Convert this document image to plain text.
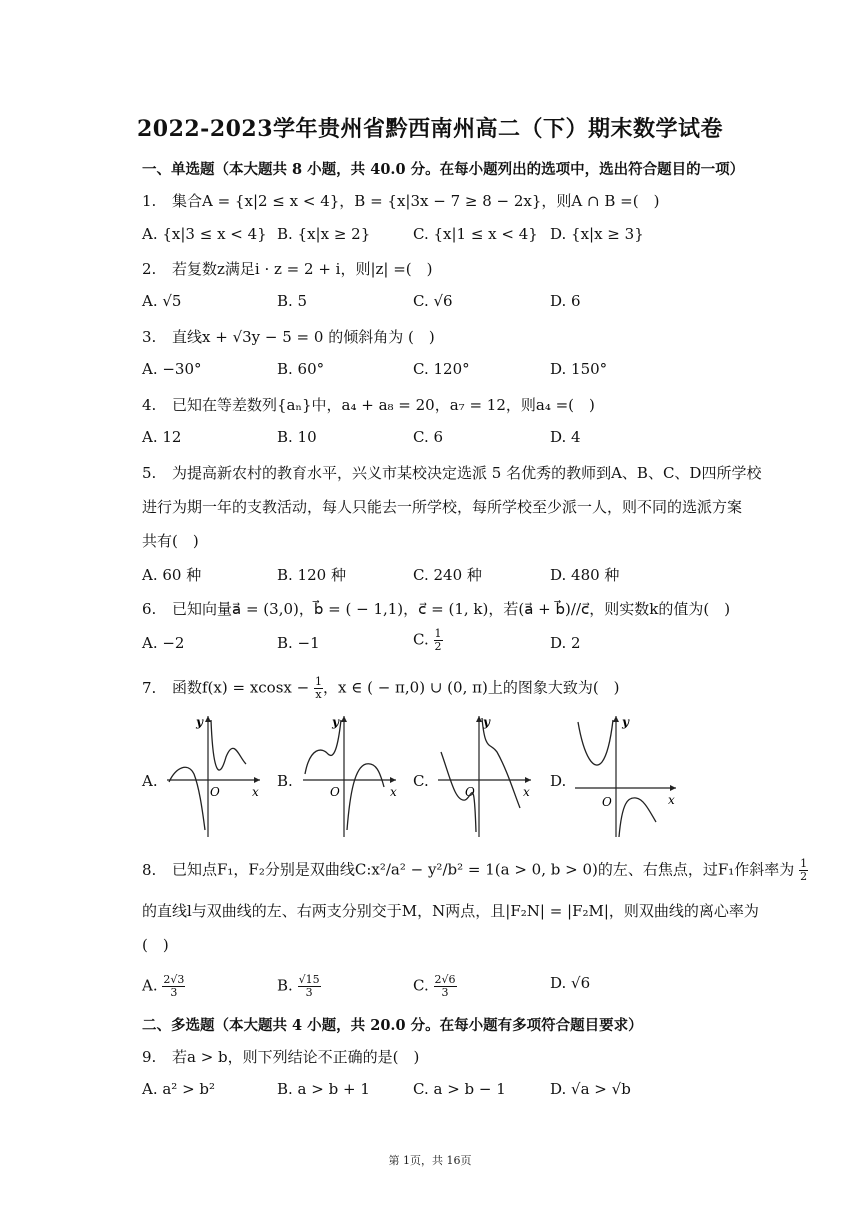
2022-2023学年贵州省黔西南州高二（下）期末数学试卷
一、单选题（本大题共 8 小题，共 40.0 分。在每小题列出的选项中，选出符合题目的一项）
1. 集合A = {x|2 ≤ x < 4}，B = {x|3x − 7 ≥ 8 − 2x}，则A ∩ B =(　)
A. {x|3 ≤ x < 4} B. {x|x ≥ 2}	C. {x|1 ≤ x < 4} D. {x|x ≥ 3}
2. 若复数z满足i · z = 2 + i，则|z| =(　)
A. √5	B. 5	C. √6	D. 6
3. 直线x + √3y − 5 = 0 的倾斜角为 (　)
A. −30°	B. 60°	C. 120°	D. 150°
4. 已知在等差数列{aₙ}中，a₄ + a₈ = 20，a₇ = 12，则a₄ =(　)
A. 12	B. 10	C. 6	D. 4
5. 为提高新农村的教育水平，兴义市某校决定选派 5 名优秀的教师到A、B、C、D四所学校
进行为期一年的支教活动，每人只能去一所学校，每所学校至少派一人，则不同的选派方案
共有(　)
A. 60 种	B. 120 种	C. 240 种	D. 480 种
6. 已知向量a⃗ = (3,0)，b⃗ = ( − 1,1)，c⃗ = (1, k)，若(a⃗ + b⃗)//c⃗，则实数k的值为(　)
A. −2	B. −1	C. $\frac{1}{2}$	D. 2
7. 函数$f(x) = xcosx - \frac{1}{x}$ ，x ∈ ( − π,0) ∪ (0, π)上的图象大致为(　)
A.
y
x
O
B.
y
x
O
C.
y
x
O
D.
y
x
O
8. 已知点F₁，F₂分别是双曲线C:x²/a² − y²/b² = 1(a > 0, b > 0)的左、右焦点，过F₁作斜率为 $\frac{1}{2}$
的直线l与双曲线的左、右两支分别交于M，N两点，且|F₂N| = |F₂M|，则双曲线的离心率为
(　)
A. $\frac{2√3}{3}$	B. $\frac{√15}{3}$	C. $\frac{2√6}{3}$	D. √6
二、多选题（本大题共 4 小题，共 20.0 分。在每小题有多项符合题目要求）
9. 若a > b，则下列结论不正确的是(　)
A. a² > b²	B. a > b + 1	C. a > b − 1	D. √a > √b
第 1页，共 16页
